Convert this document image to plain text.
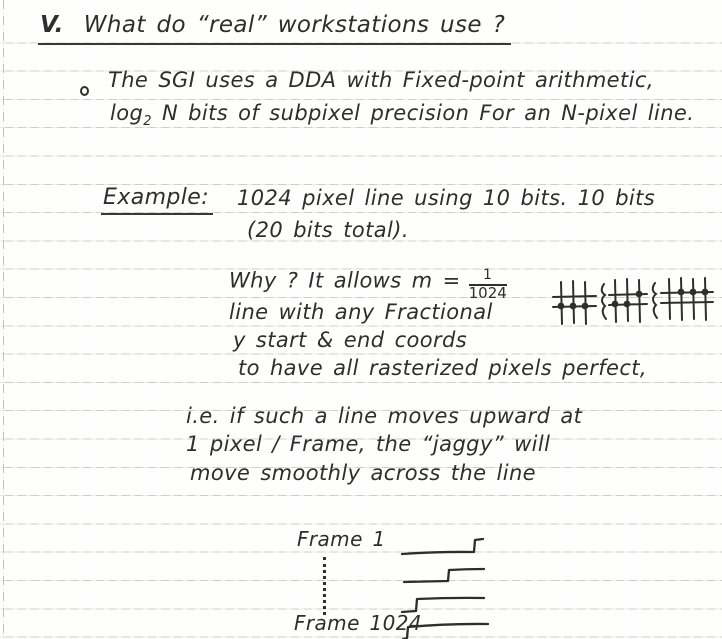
V. What do “real” workstations use ?
The SGI uses a DDA with Fixed-point arithmetic,
$\log_2 N$ bits of subpixel precision For an N-pixel line.
Example: 1024 pixel line using 10 bits. 10 bits
(20 bits total).
Why ? It allows $m = \frac{1}{1024}$
line with any Fractional
y start & end coords
to have all rasterized pixels perfect,
i.e. if such a line moves upward at
1 pixel / Frame, the “jaggy” will
move smoothly across the line
Frame 1
Frame 1024
